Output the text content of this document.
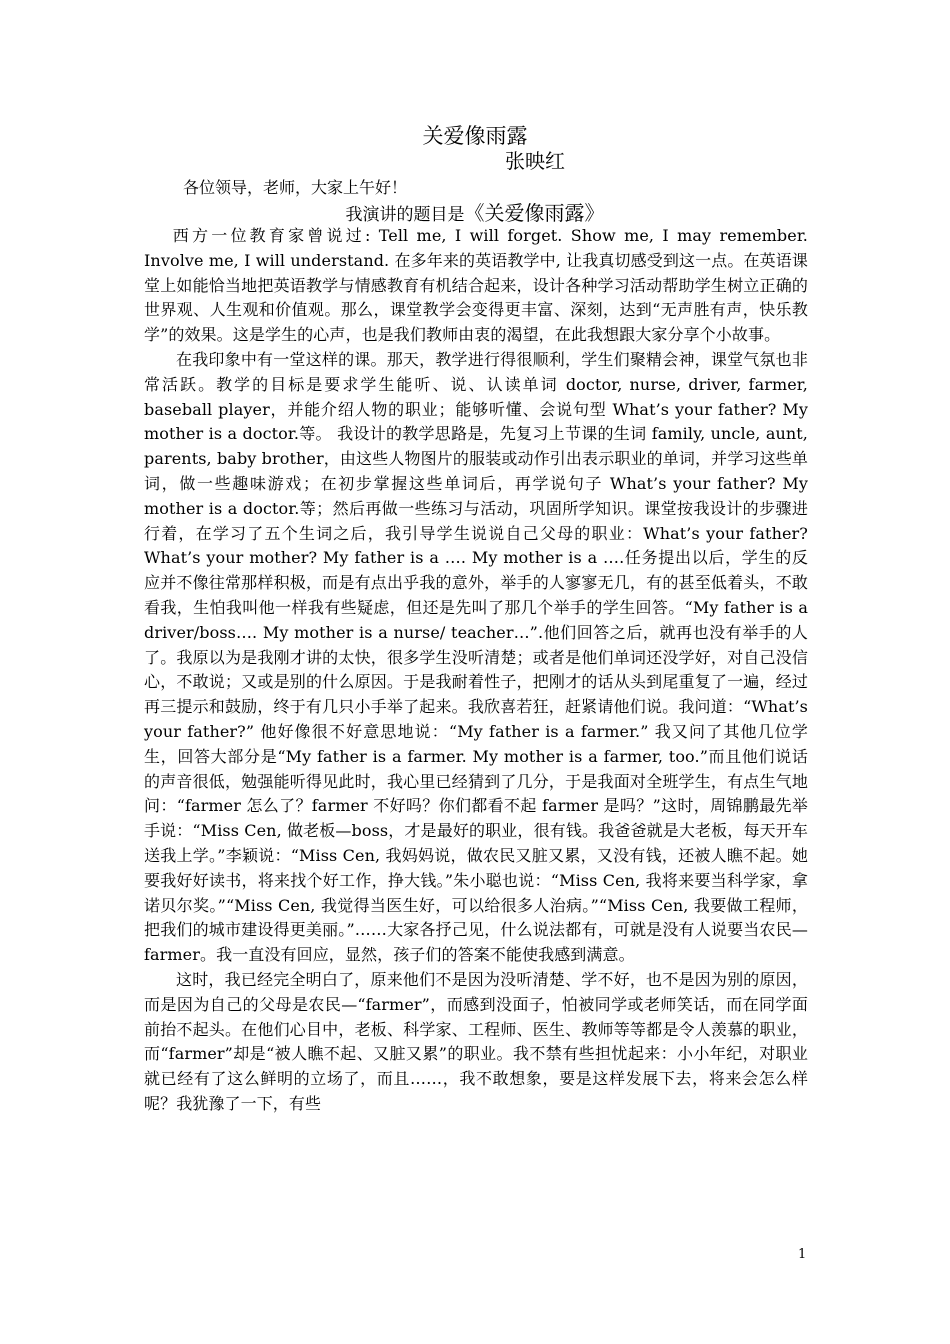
关爱像雨露
张映红
各位领导，老师，大家上午好！
我演讲的题目是《关爱像雨露》

西方一位教育家曾说过: Tell me, I will forget. Show me, I may remember. Involve me, I will understand. 在多年来的英语教学中, 让我真切感受到这一点。在英语课堂上如能恰当地把英语教学与情感教育有机结合起来，设计各种学习活动帮助学生树立正确的世界观、人生观和价值观。那么，课堂教学会变得更丰富、深刻，达到“无声胜有声，快乐教学”的效果。这是学生的心声，也是我们教师由衷的渴望，在此我想跟大家分享个小故事。

在我印象中有一堂这样的课。那天，教学进行得很顺利，学生们聚精会神，课堂气氛也非常活跃。教学的目标是要求学生能听、说、认读单词 doctor, nurse, driver, farmer, baseball player，并能介绍人物的职业；能够听懂、会说句型 What’s your father? My mother is a doctor.等。 我设计的教学思路是，先复习上节课的生词 family, uncle, aunt, parents, baby brother，由这些人物图片的服装或动作引出表示职业的单词，并学习这些单词，做一些趣味游戏；在初步掌握这些单词后，再学说句子 What’s your father? My mother is a doctor.等；然后再做一些练习与活动，巩固所学知识。课堂按我设计的步骤进行着，在学习了五个生词之后，我引导学生说说自己父母的职业：What’s your father? What’s your mother? My father is a …. My mother is a ….任务提出以后，学生的反应并不像往常那样积极，而是有点出乎我的意外，举手的人寥寥无几，有的甚至低着头，不敢看我，生怕我叫他一样我有些疑虑，但还是先叫了那几个举手的学生回答。“My father is a driver/boss…. My mother is a nurse/ teacher…”.他们回答之后，就再也没有举手的人了。我原以为是我刚才讲的太快，很多学生没听清楚；或者是他们单词还没学好，对自己没信心，不敢说；又或是别的什么原因。于是我耐着性子，把刚才的话从头到尾重复了一遍，经过再三提示和鼓励，终于有几只小手举了起来。我欣喜若狂，赶紧请他们说。我问道：“What’s your father?” 他好像很不好意思地说：“My father is a farmer.” 我又问了其他几位学生，回答大部分是“My father is a farmer. My mother is a farmer, too.”而且他们说话的声音很低，勉强能听得见此时，我心里已经猜到了几分，于是我面对全班学生，有点生气地问：“farmer 怎么了？farmer 不好吗？你们都看不起 farmer 是吗？”这时，周锦鹏最先举手说：“Miss Cen, 做老板—boss，才是最好的职业，很有钱。我爸爸就是大老板，每天开车送我上学。”李颖说：“Miss Cen, 我妈妈说，做农民又脏又累，又没有钱，还被人瞧不起。她要我好好读书，将来找个好工作，挣大钱。”朱小聪也说：“Miss Cen, 我将来要当科学家，拿诺贝尔奖。”“Miss Cen, 我觉得当医生好，可以给很多人治病。”“Miss Cen, 我要做工程师，把我们的城市建设得更美丽。”……大家各抒己见，什么说法都有，可就是没有人说要当农民—farmer。我一直没有回应，显然，孩子们的答案不能使我感到满意。

这时，我已经完全明白了，原来他们不是因为没听清楚、学不好，也不是因为别的原因，而是因为自己的父母是农民—“farmer”，而感到没面子，怕被同学或老师笑话，而在同学面前抬不起头。在他们心目中，老板、科学家、工程师、医生、教师等等都是令人羡慕的职业，而“farmer”却是“被人瞧不起、又脏又累”的职业。我不禁有些担忧起来：小小年纪，对职业就已经有了这么鲜明的立场了，而且……，我不敢想象，要是这样发展下去，将来会怎么样呢？我犹豫了一下，有些

1
